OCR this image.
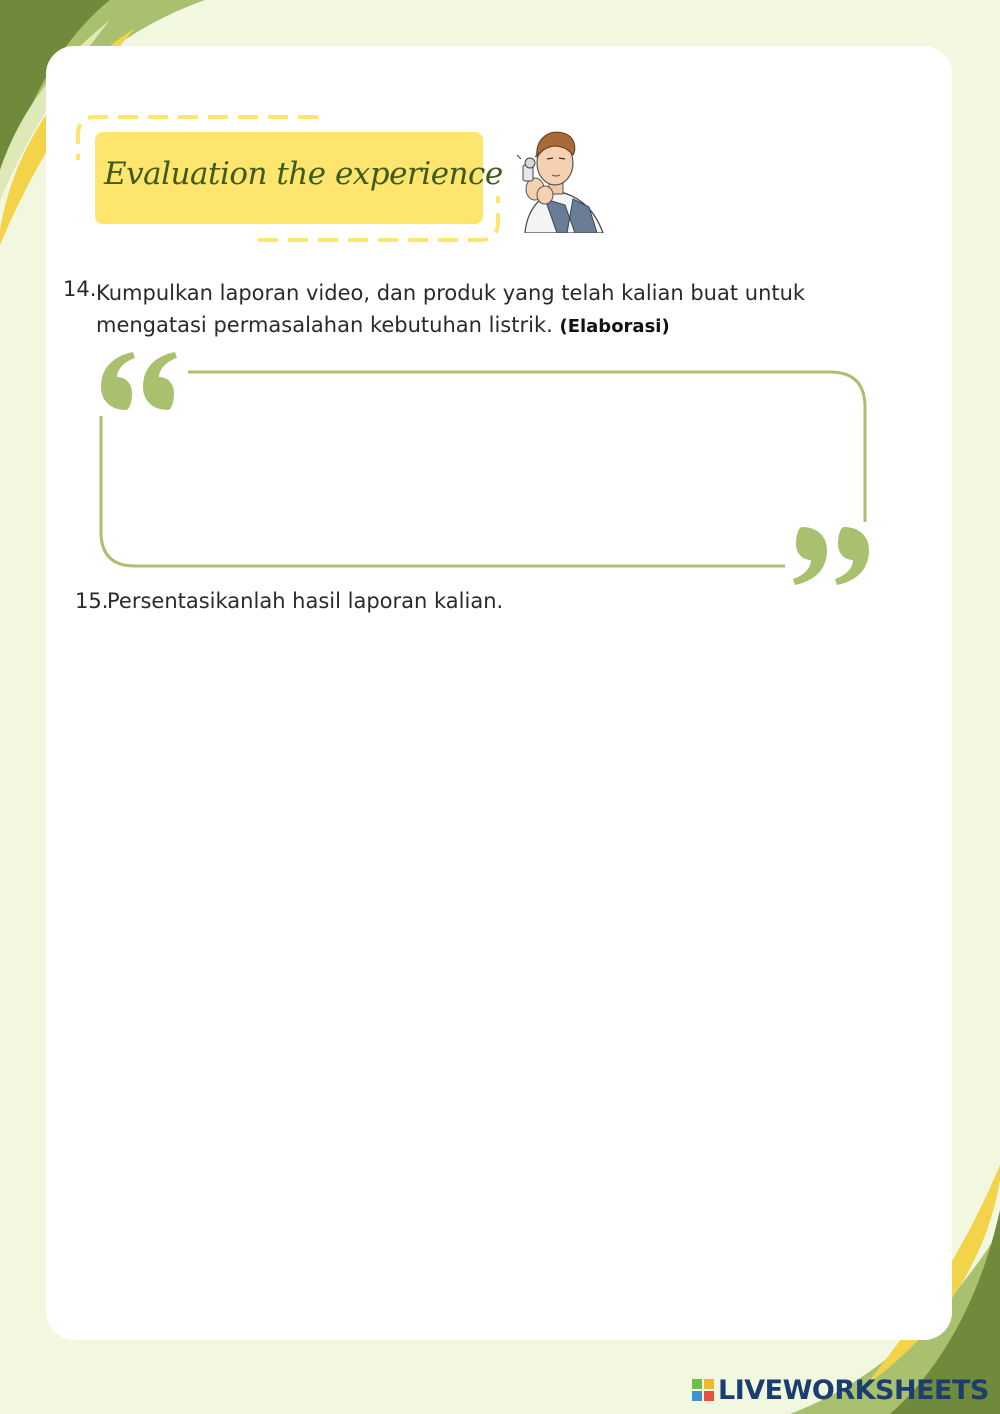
Evaluation the experience
14. Kumpulkan laporan video, dan produk yang telah kalian buat untuk mengatasi permasalahan kebutuhan listrik. (Elaborasi)
15.
Persentasikanlah hasil laporan kalian.
LIVEWORKSHEETS
